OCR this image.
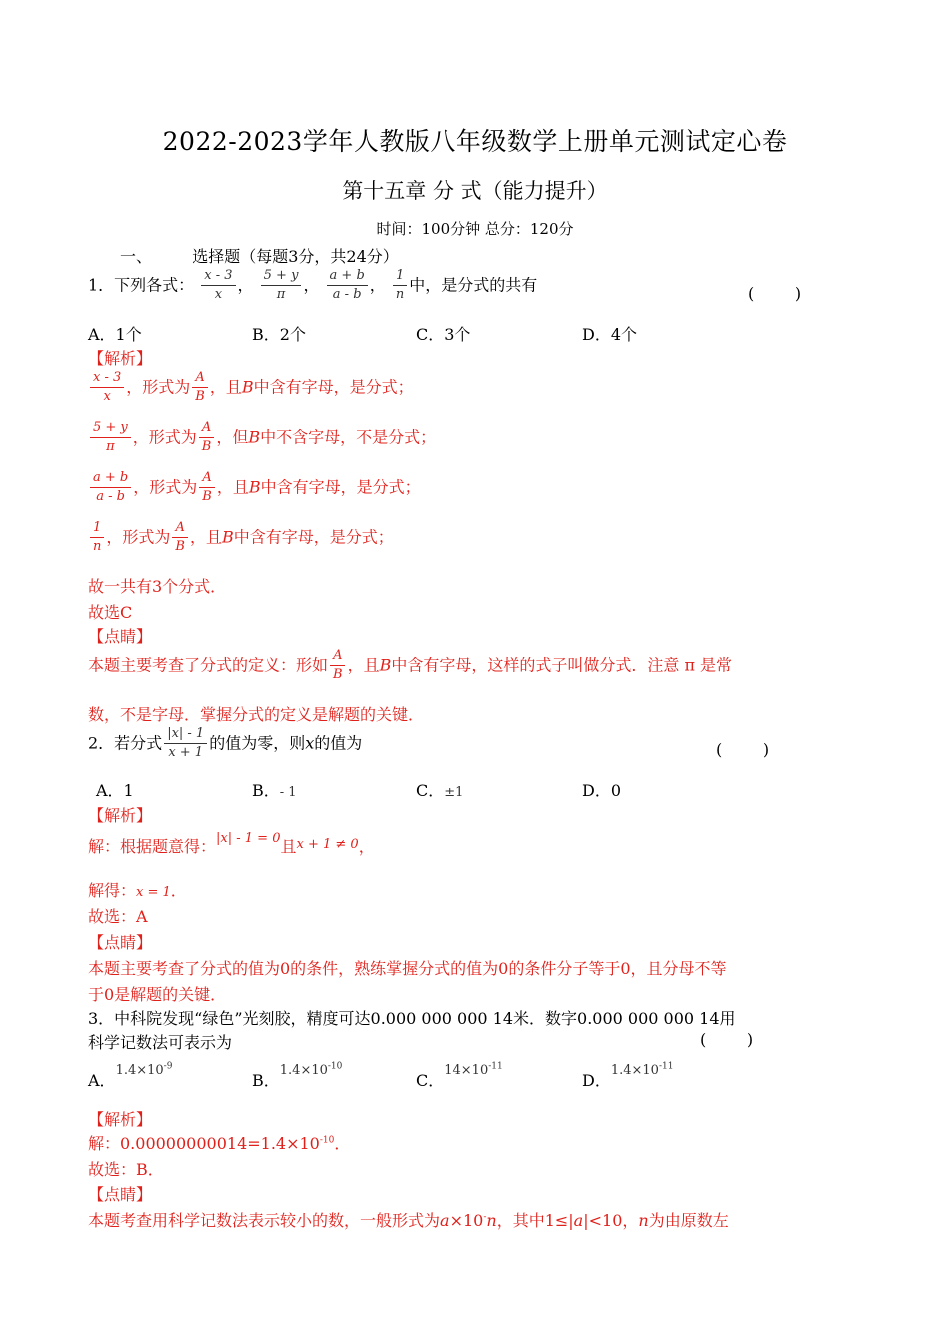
2022-2023学年人教版八年级数学上册单元测试定心卷
第十五章 分 式（能力提升）
时间：100分钟 总分：120分
一、	选择题（每题3分，共24分）
1．下列各式： $\frac{x - 3}{x}$ ， $\frac{5 + y}{\pi}$ ， $\frac{a + b}{a - b}$ ， $\frac{1}{n}$ 中，是分式的共有	(        )
A．1个	B．2个	C．3个	D．4个
【解析】
$\frac{x - 3}{x}$ ，形式为 $\frac{A}{B}$ ，且B中含有字母，是分式；
$\frac{5 + y}{\pi}$ ，形式为 $\frac{A}{B}$ ，但B中不含字母，不是分式；
$\frac{a + b}{a - b}$ ，形式为 $\frac{A}{B}$ ，且B中含有字母，是分式；
$\frac{1}{n}$ ，形式为 $\frac{A}{B}$ ，且B中含有字母，是分式；
故一共有3个分式．
故选C
【点睛】
本题主要考查了分式的定义：形如 $\frac{A}{B}$ ，且B中含有字母，这样的式子叫做分式．注意 π 是常
数，不是字母．掌握分式的定义是解题的关键．
2．若分式 $\frac{|x| - 1}{x + 1}$ 的值为零，则x的值为	(        )
A．1	B．- 1	C．±1	D．0
【解析】
解：根据题意得：$^{|x| - 1 = 0}$且$^{x + 1 \ne 0}$，
解得：x = 1．
故选：A
【点睛】
本题主要考查了分式的值为0的条件，熟练掌握分式的值为0的条件分子等于0，且分母不等
于0是解题的关键．
3．中科院发现“绿色”光刻胶，精度可达0.000 000 000 14米．数字0.000 000 000 14用
科学记数法可表示为	(        )
A．$^{1.4\times 10^{-9}}$
B．$^{1.4\times 10^{-10}}$
C．$^{14\times 10^{-11}}$
D．$^{1.4\times 10^{-11}}$
【解析】
解：$0.00000000014=1.4\times 10^{-10}$．
故选：B．
【点睛】
本题考查用科学记数法表示较小的数，一般形式为a×10-n，其中1≤|a|<10，n为由原数左
